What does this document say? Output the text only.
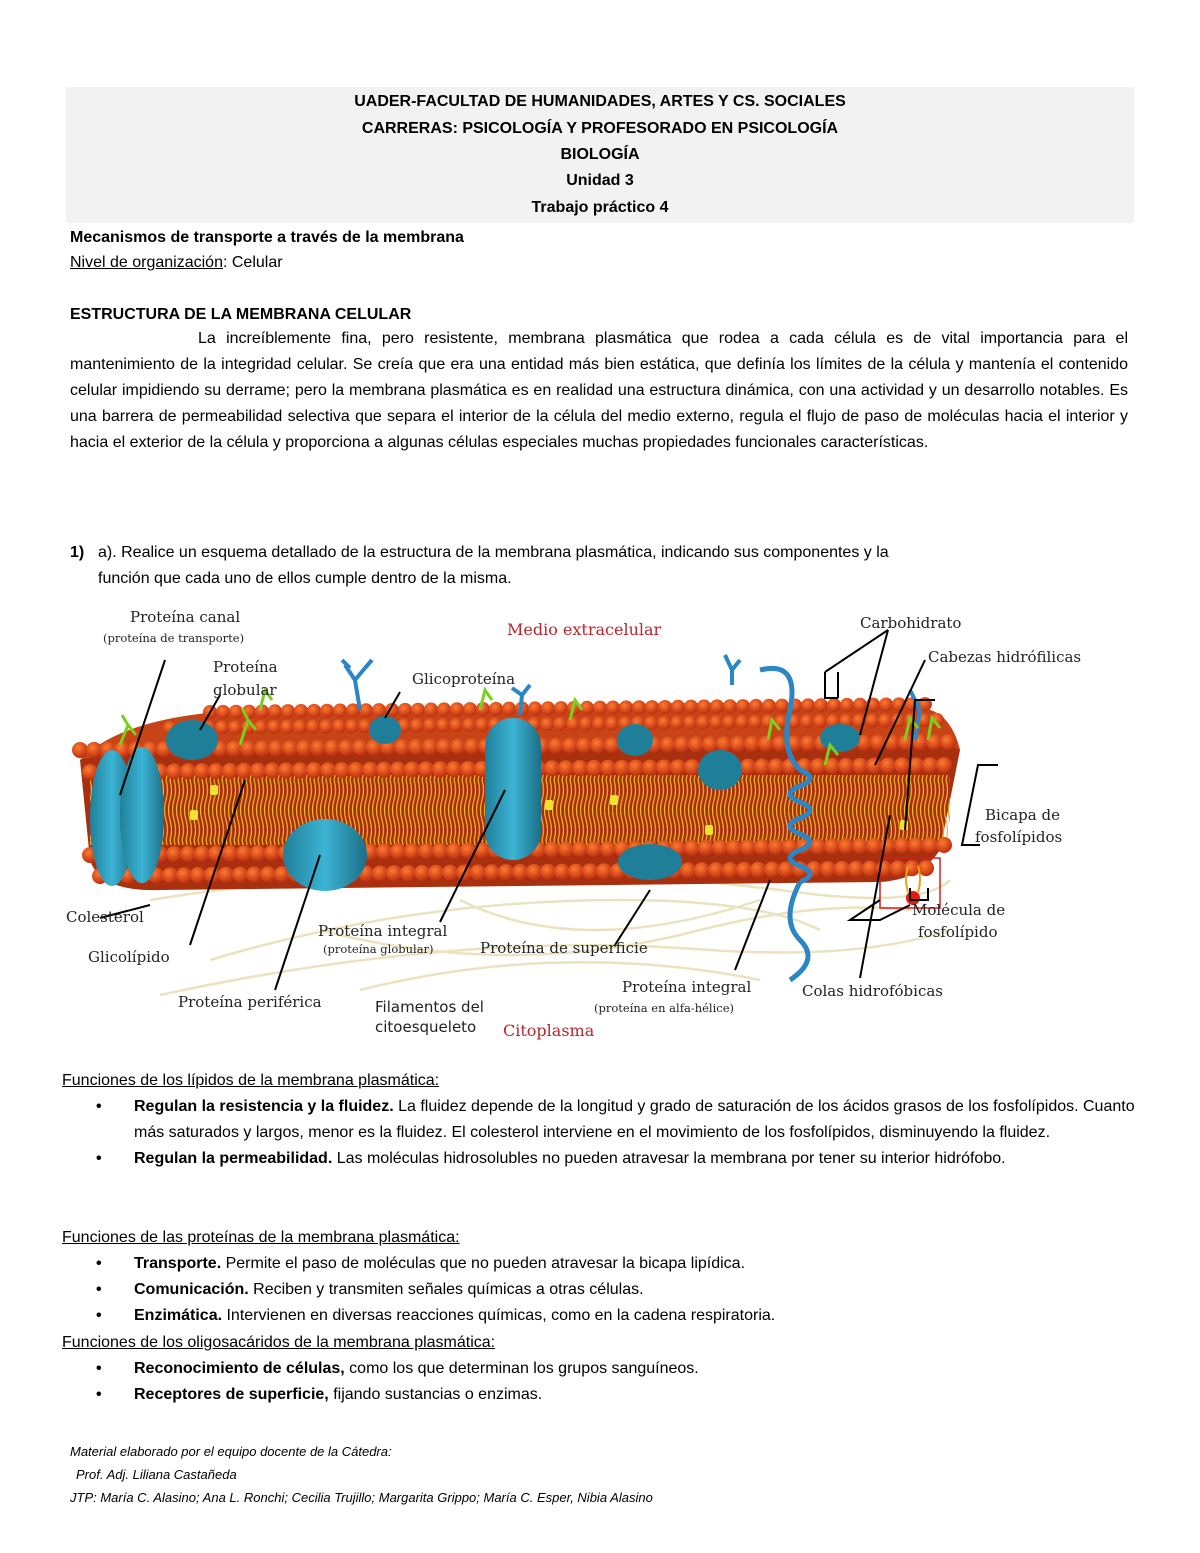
UADER-FACULTAD DE HUMANIDADES, ARTES Y CS. SOCIALES
CARRERAS: PSICOLOGÍA Y PROFESORADO EN PSICOLOGÍA
BIOLOGÍA
Unidad 3
Trabajo práctico 4
Mecanismos de transporte a través de la membrana
Nivel de organización: Celular
ESTRUCTURA DE LA MEMBRANA CELULAR
La increíblemente fina, pero resistente, membrana plasmática que rodea a cada célula es de vital importancia para el mantenimiento de la integridad celular. Se creía que era una entidad más bien estática, que definía los límites de la célula y mantenía el contenido celular impidiendo su derrame; pero la membrana plasmática es en realidad una estructura dinámica, con una actividad y un desarrollo notables. Es una barrera de permeabilidad selectiva que separa el interior de la célula del medio externo, regula el flujo de paso de moléculas hacia el interior y hacia el exterior de la célula y proporciona a algunas células especiales muchas propiedades funcionales características.
1) a). Realice un esquema detallado de la estructura de la membrana plasmática, indicando sus componentes y la
función que cada uno de ellos cumple dentro de la misma.
Proteína canal
(proteína de transporte)
Proteína
globular
Medio extracelular
Glicoproteína
Carbohidrato
Cabezas hidrófilicas
Bicapa de
fosfolípidos
Colesterol
Glicolípido
Proteína integral
(proteína globular)	Proteína de superficie
Molécula de
fosfolípido
Proteína periférica	Filamentos del
citoesqueleto Citoplasma
Proteína integral
(proteína en alfa-hélice)
Colas hidrofóbicas
Funciones de los lípidos de la membrana plasmática:
• Regulan la resistencia y la fluidez. La fluidez depende de la longitud y grado de saturación de los ácidos grasos de los fosfolípidos. Cuanto más saturados y largos, menor es la fluidez. El colesterol interviene en el movimiento de los fosfolípidos, disminuyendo la fluidez.
• Regulan la permeabilidad. Las moléculas hidrosolubles no pueden atravesar la membrana por tener su interior hidrófobo.
Funciones de las proteínas de la membrana plasmática:
• Transporte. Permite el paso de moléculas que no pueden atravesar la bicapa lipídica.
• Comunicación. Reciben y transmiten señales químicas a otras células.
• Enzimática. Intervienen en diversas reacciones químicas, como en la cadena respiratoria.
Funciones de los oligosacáridos de la membrana plasmática:
• Reconocimiento de células, como los que determinan los grupos sanguíneos.
• Receptores de superficie, fijando sustancias o enzimas.
Material elaborado por el equipo docente de la Cátedra:
Prof. Adj. Liliana Castañeda
JTP: María C. Alasino; Ana L. Ronchi; Cecilia Trujillo; Margarita Grippo; María C. Esper, Nibia Alasino
